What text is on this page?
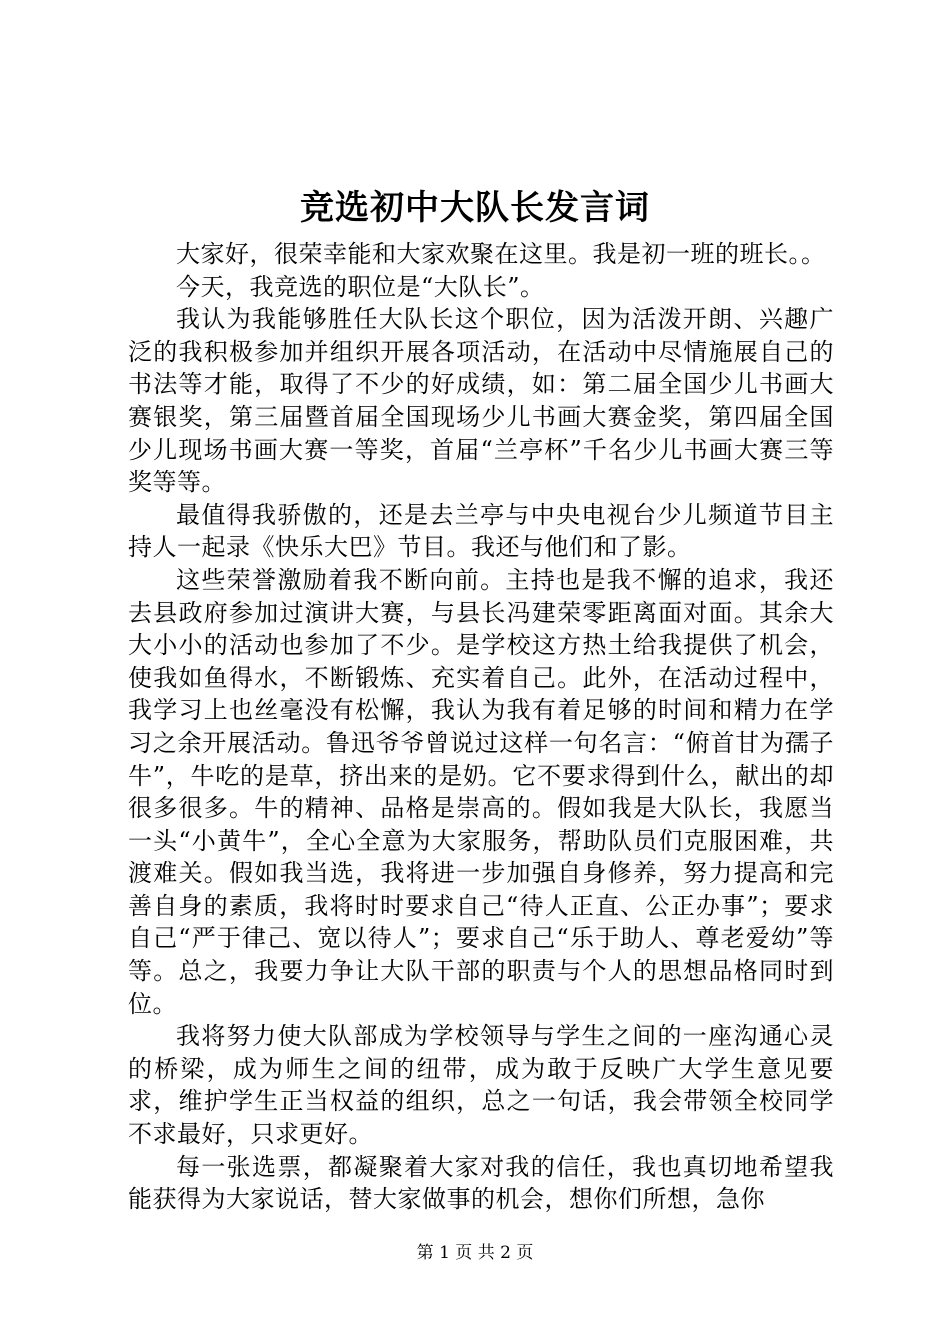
竞选初中大队长发言词

大家好，很荣幸能和大家欢聚在这里。我是初一班的班长。。

今天，我竞选的职位是“大队长”。

我认为我能够胜任大队长这个职位，因为活泼开朗、兴趣广泛的我积极参加并组织开展各项活动，在活动中尽情施展自己的书法等才能，取得了不少的好成绩，如：第二届全国少儿书画大赛银奖，第三届暨首届全国现场少儿书画大赛金奖，第四届全国少儿现场书画大赛一等奖，首届“兰亭杯”千名少儿书画大赛三等奖等等。

最值得我骄傲的，还是去兰亭与中央电视台少儿频道节目主持人一起录《快乐大巴》节目。我还与他们和了影。

这些荣誉激励着我不断向前。主持也是我不懈的追求，我还去县政府参加过演讲大赛，与县长冯建荣零距离面对面。其余大大小小的活动也参加了不少。是学校这方热土给我提供了机会，使我如鱼得水，不断锻炼、充实着自己。此外，在活动过程中，我学习上也丝毫没有松懈，我认为我有着足够的时间和精力在学习之余开展活动。鲁迅爷爷曾说过这样一句名言：“俯首甘为孺子牛”，牛吃的是草，挤出来的是奶。它不要求得到什么，献出的却很多很多。牛的精神、品格是崇高的。假如我是大队长，我愿当一头“小黄牛”，全心全意为大家服务，帮助队员们克服困难，共渡难关。假如我当选，我将进一步加强自身修养，努力提高和完善自身的素质，我将时时要求自己“待人正直、公正办事”；要求自己“严于律己、宽以待人”；要求自己“乐于助人、尊老爱幼”等等。总之，我要力争让大队干部的职责与个人的思想品格同时到位。

我将努力使大队部成为学校领导与学生之间的一座沟通心灵的桥梁，成为师生之间的纽带，成为敢于反映广大学生意见要求，维护学生正当权益的组织，总之一句话，我会带领全校同学不求最好，只求更好。

每一张选票，都凝聚着大家对我的信任，我也真切地希望我能获得为大家说话，替大家做事的机会，想你们所想，急你

第 1 页 共 2 页
